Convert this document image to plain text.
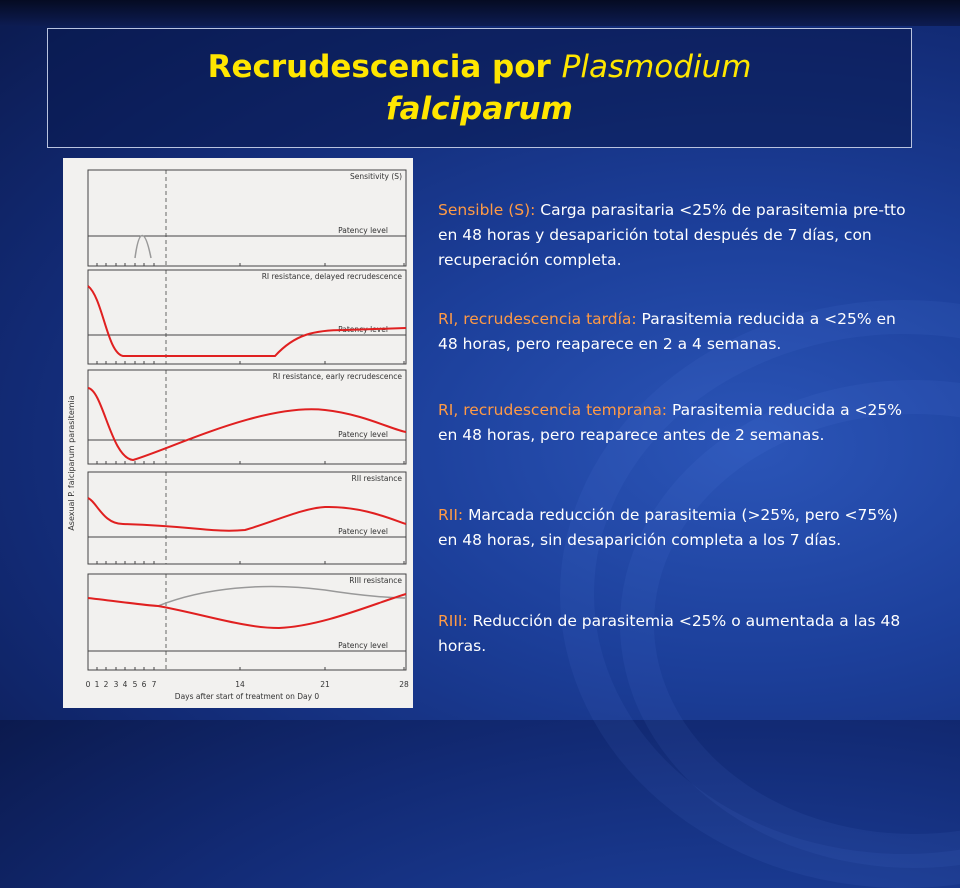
Recrudescencia por Plasmodium
falciparum
Asexual P. falciparum parasitemia
Patency level
Sensitivity (S)
Patency level
RI resistance, delayed recrudescence
Patency level
RI resistance, early recrudescence
Patency level
RII resistance
Patency level
RIII resistance
0 1 2 3 4 5 6 7	14	21	28
Days after start of treatment on Day 0
Sensible (S): Carga parasitaria <25% de parasitemia pre-tto en 48 horas y desaparición total después de 7 días, con recuperación completa.
RI, recrudescencia tardía: Parasitemia reducida a <25% en 48 horas, pero reaparece en 2 a 4 semanas.
RI, recrudescencia temprana: Parasitemia reducida a <25% en 48 horas, pero reaparece antes de 2 semanas.
RII: Marcada reducción de parasitemia (>25%, pero <75%) en 48 horas, sin desaparición completa a los 7 días.
RIII: Reducción de parasitemia <25% o aumentada a las 48 horas.
